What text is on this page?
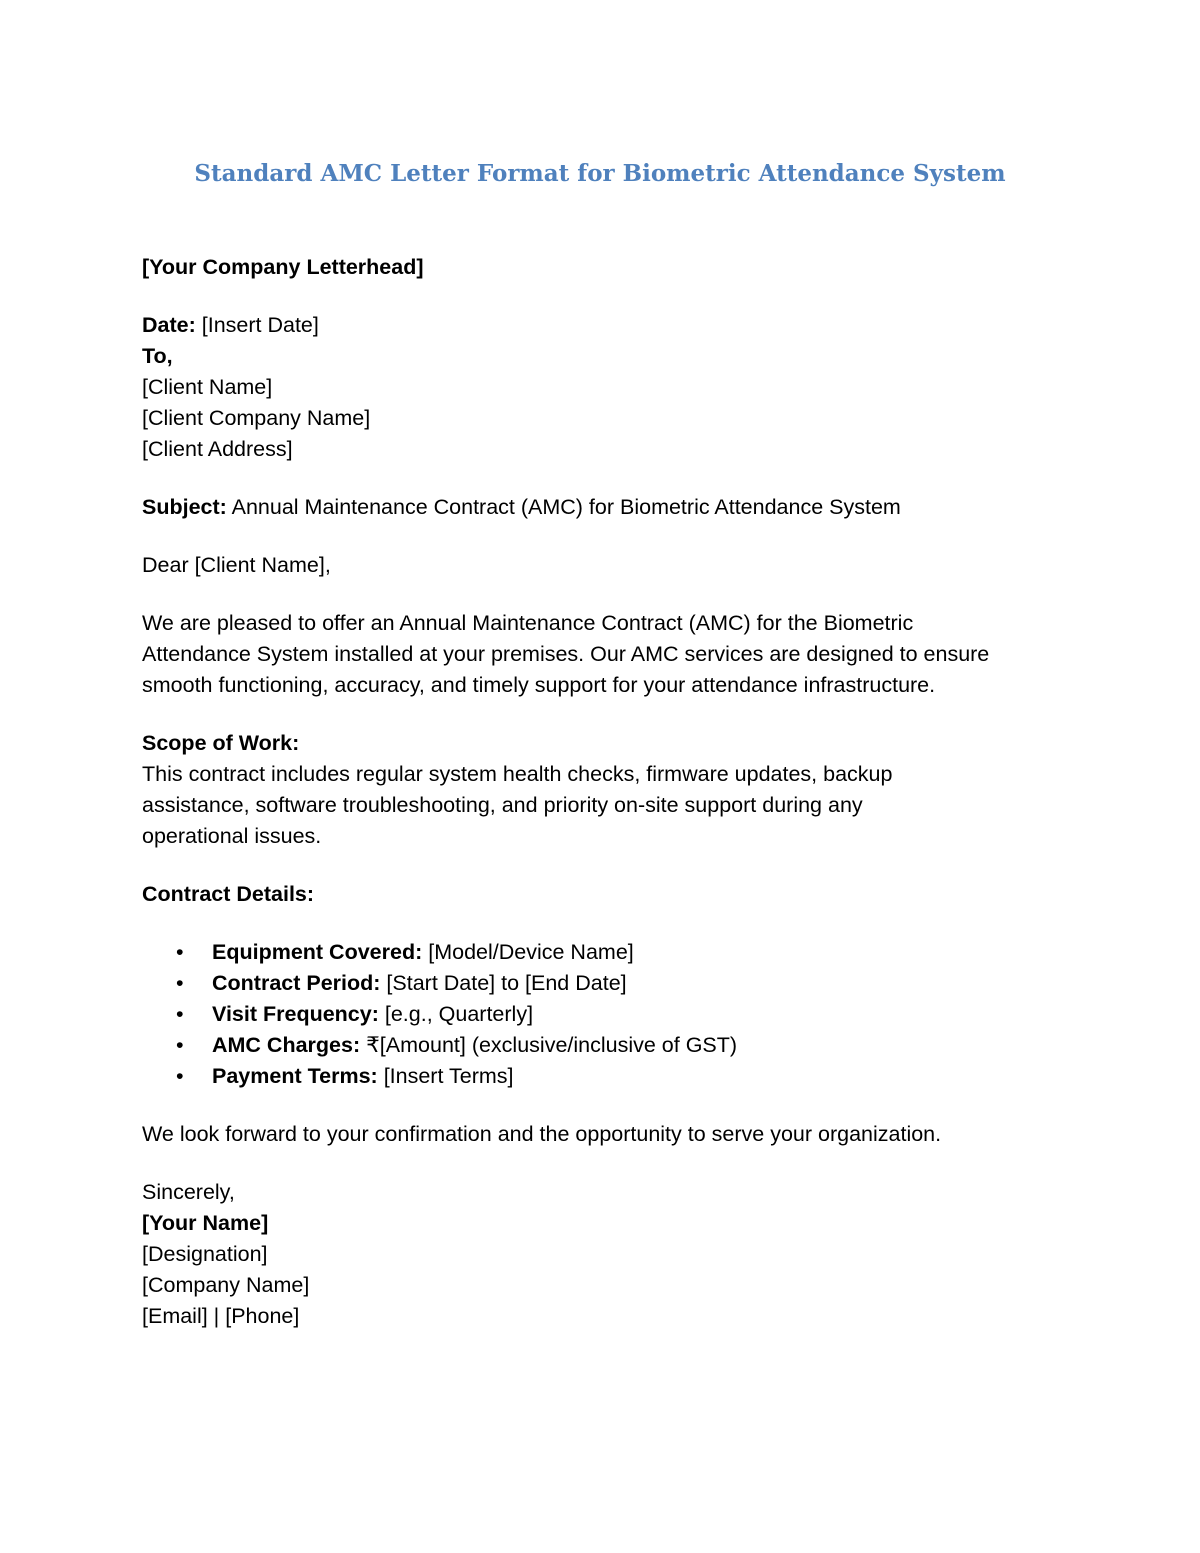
Standard AMC Letter Format for Biometric Attendance System
[Your Company Letterhead]
Date: [Insert Date]
To,
[Client Name]
[Client Company Name]
[Client Address]
Subject: Annual Maintenance Contract (AMC) for Biometric Attendance System
Dear [Client Name],
We are pleased to offer an Annual Maintenance Contract (AMC) for the Biometric
Attendance System installed at your premises. Our AMC services are designed to ensure
smooth functioning, accuracy, and timely support for your attendance infrastructure.
Scope of Work:
This contract includes regular system health checks, firmware updates, backup
assistance, software troubleshooting, and priority on-site support during any
operational issues.
Contract Details:
• Equipment Covered: [Model/Device Name]
• Contract Period: [Start Date] to [End Date]
• Visit Frequency: [e.g., Quarterly]
• AMC Charges: ₹[Amount] (exclusive/inclusive of GST)
• Payment Terms: [Insert Terms]
We look forward to your confirmation and the opportunity to serve your organization.
Sincerely,
[Your Name]
[Designation]
[Company Name]
[Email] | [Phone]
